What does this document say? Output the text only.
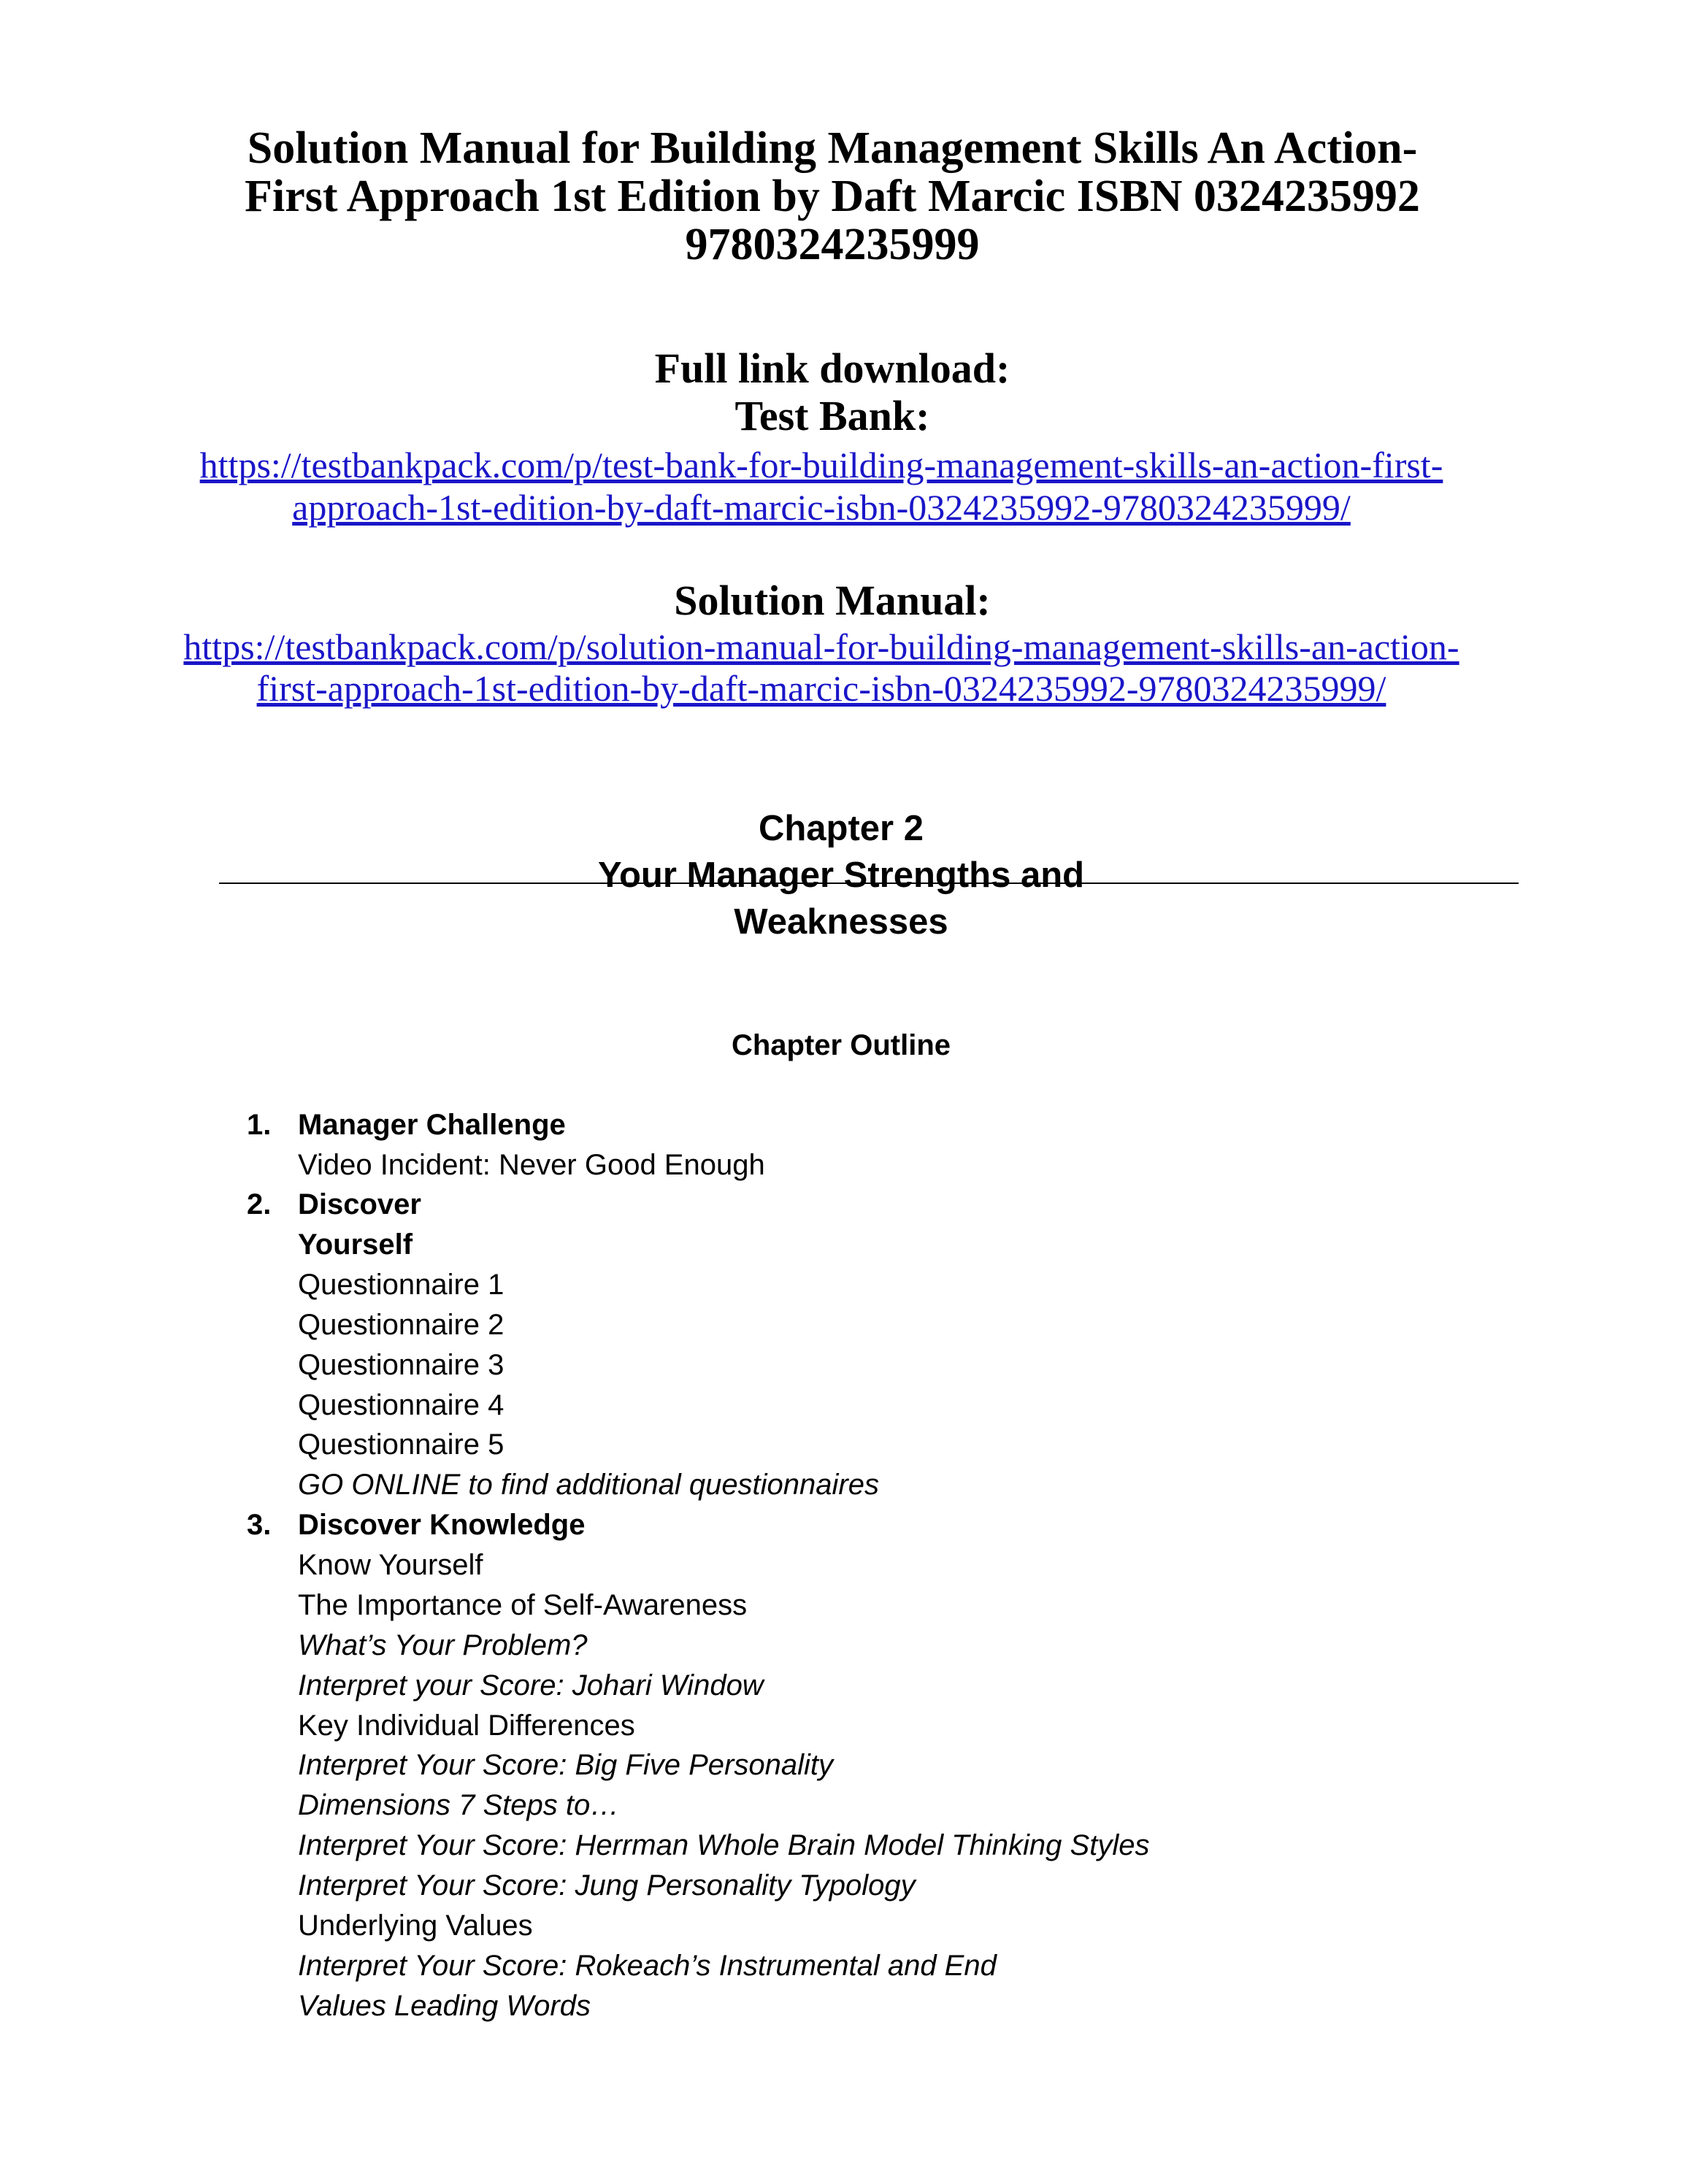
Solution Manual for Building Management Skills An Action-
First Approach 1st Edition by Daft Marcic ISBN 0324235992
9780324235999
Full link download:
Test Bank:
https://testbankpack.com/p/test-bank-for-building-management-skills-an-action-first-
approach-1st-edition-by-daft-marcic-isbn-0324235992-9780324235999/
Solution Manual:
https://testbankpack.com/p/solution-manual-for-building-management-skills-an-action-
first-approach-1st-edition-by-daft-marcic-isbn-0324235992-9780324235999/
Chapter 2
Your Manager Strengths and
Weaknesses
Chapter Outline
1. Manager Challenge
Video Incident: Never Good Enough
2. Discover
Yourself
Questionnaire 1
Questionnaire 2
Questionnaire 3
Questionnaire 4
Questionnaire 5
GO ONLINE to find additional questionnaires
3. Discover Knowledge
Know Yourself
The Importance of Self-Awareness
What’s Your Problem?
Interpret your Score: Johari Window
Key Individual Differences
Interpret Your Score: Big Five Personality
Dimensions 7 Steps to…
Interpret Your Score: Herrman Whole Brain Model Thinking Styles
Interpret Your Score: Jung Personality Typology
Underlying Values
Interpret Your Score: Rokeach’s Instrumental and End
Values Leading Words
